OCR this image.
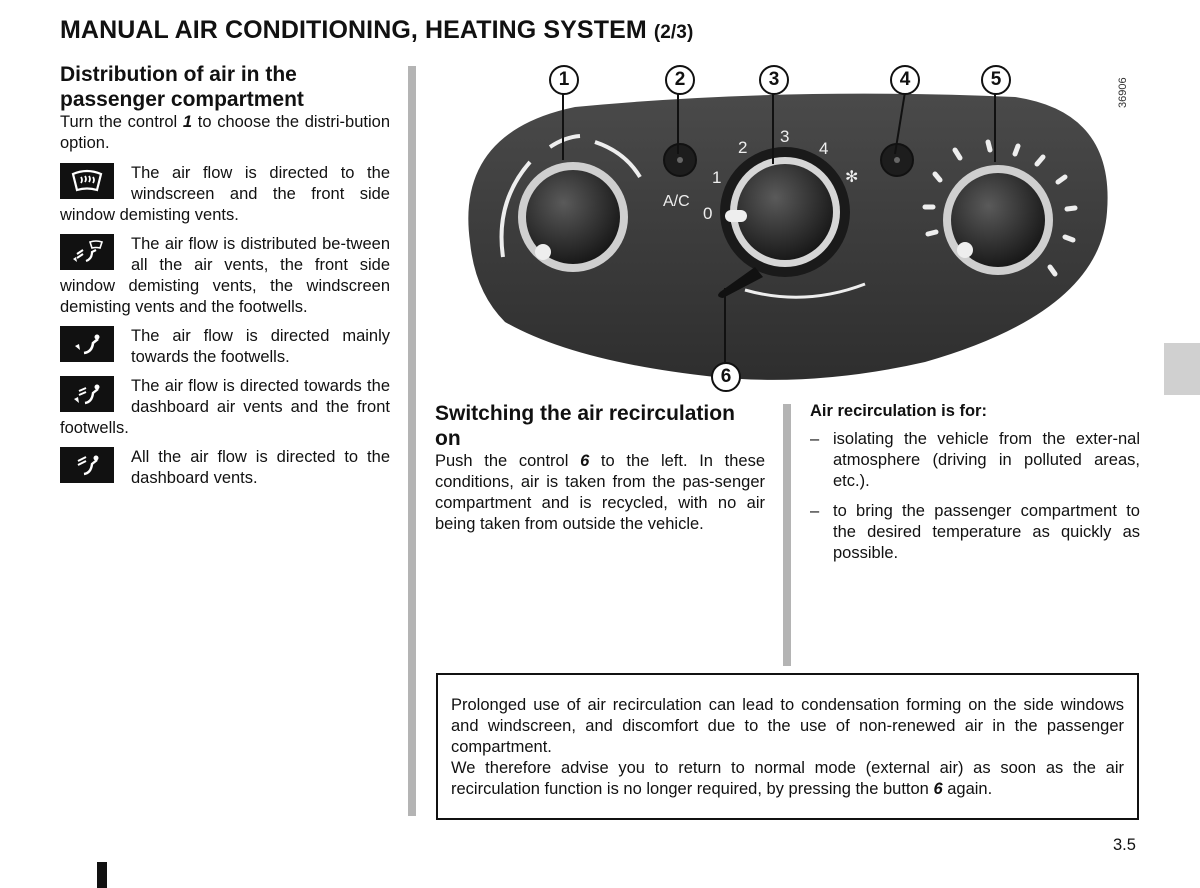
MANUAL AIR CONDITIONING, HEATING SYSTEM (2/3)
Distribution of air in the passenger compartment

Turn the control 1 to choose the distri-bution option.

The air flow is directed to the windscreen and the front side window demisting vents.

The air flow is distributed be-tween all the air vents, the front side window demisting vents, the windscreen demisting vents and the footwells.

The air flow is directed mainly towards the footwells.

The air flow is directed towards the dashboard air vents and the front footwells.

All the air flow is directed to the dashboard vents.

A/C
0
1
2
3
4
✻
1	2	3	4	5
6
36906
Switching the air recirculation on

Push the control 6 to the left. In these conditions, air is taken from the pas-senger compartment and is recycled, with no air being taken from outside the vehicle.

Air recirculation is for:

– isolating the vehicle from the exter-nal atmosphere (driving in polluted areas, etc.).
– to bring the passenger compartment to the desired temperature as quickly as possible.

Prolonged use of air recirculation can lead to condensation forming on the side windows and windscreen, and discomfort due to the use of non-renewed air in the passenger compartment.

We therefore advise you to return to normal mode (external air) as soon as the air recirculation function is no longer required, by pressing the button 6 again.

3.5
